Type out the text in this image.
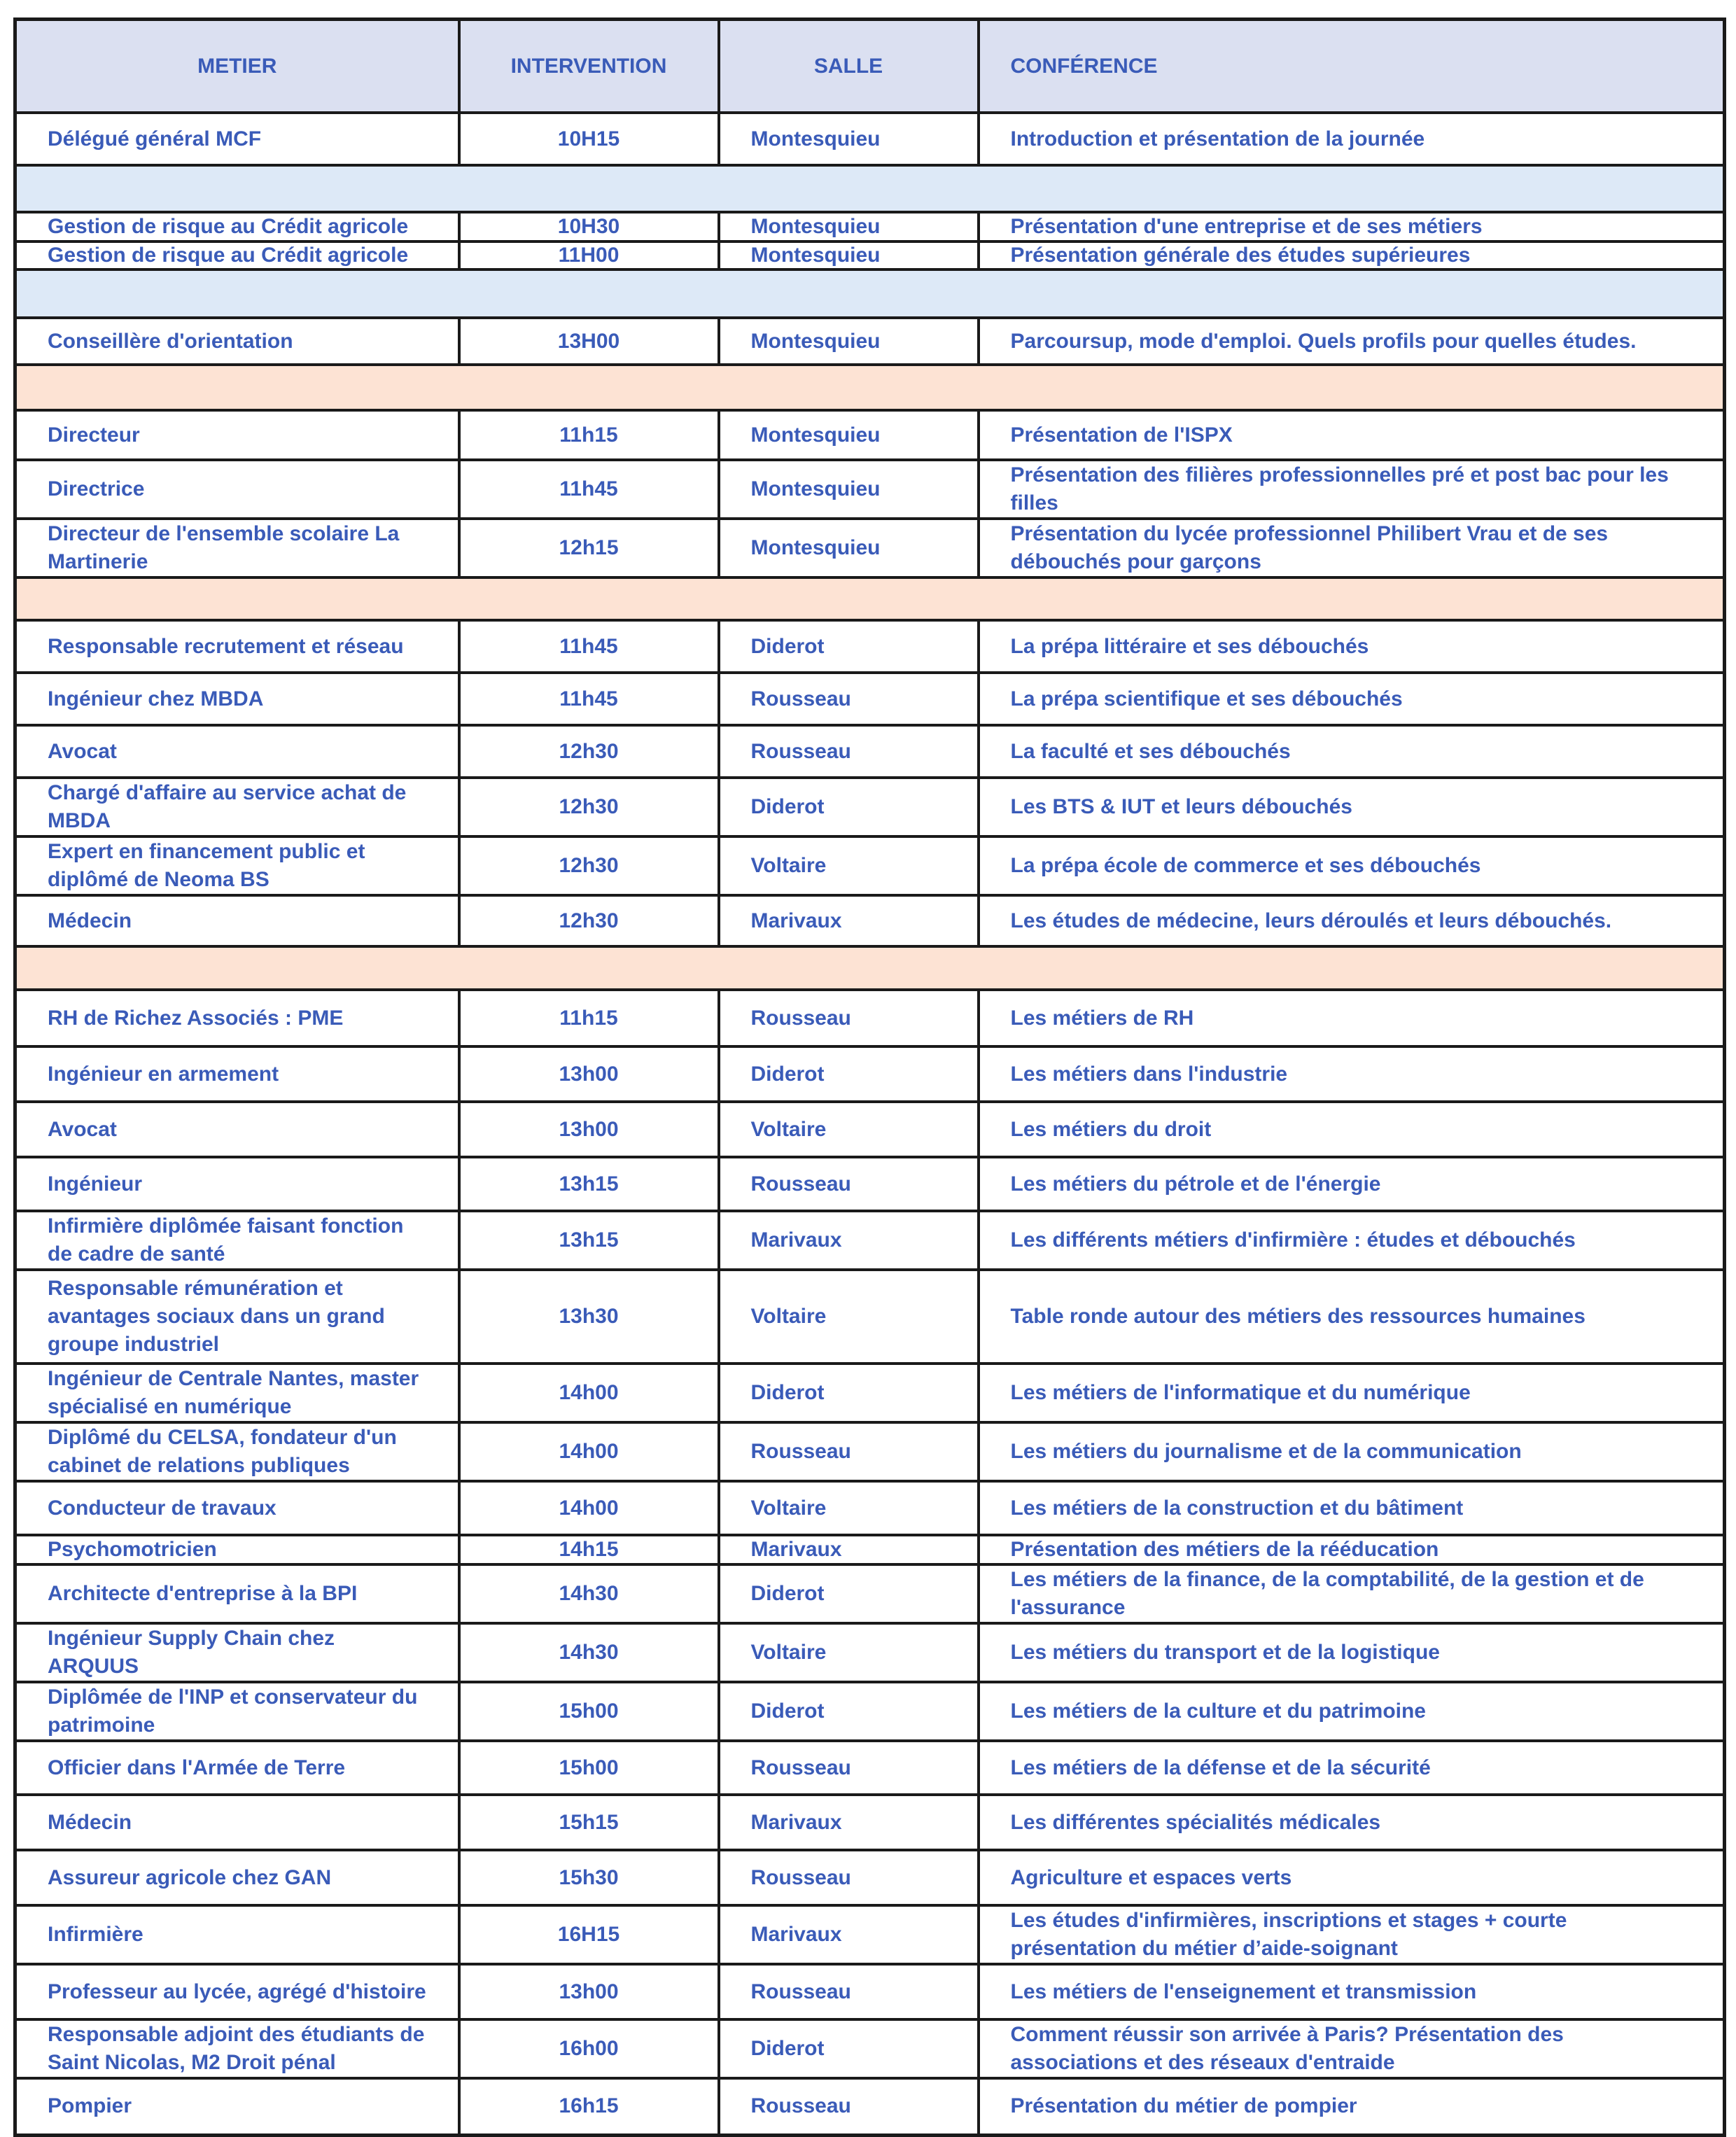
METIER	INTERVENTION	SALLE	CONFÉRENCE
Délégué général MCF	10H15	Montesquieu	Introduction et présentation de la journée

Gestion de risque au Crédit agricole	10H30	Montesquieu	Présentation d'une entreprise et de ses métiers
Gestion de risque au Crédit agricole	11H00	Montesquieu	Présentation générale des études supérieures

Conseillère d'orientation	13H00	Montesquieu	Parcoursup, mode d'emploi. Quels profils pour quelles études.

Directeur	11h15	Montesquieu	Présentation de l'ISPX
Directrice	11h45	Montesquieu	Présentation des filières professionnelles pré et post bac pour les filles
Directeur de l'ensemble scolaire La Martinerie	12h15	Montesquieu	Présentation du lycée professionnel Philibert Vrau et de ses débouchés pour garçons

Responsable recrutement et réseau	11h45	Diderot	La prépa littéraire et ses débouchés
Ingénieur chez MBDA	11h45	Rousseau	La prépa scientifique et ses débouchés
Avocat	12h30	Rousseau	La faculté et ses débouchés
Chargé d'affaire au service achat de MBDA	12h30	Diderot	Les BTS & IUT et leurs débouchés
Expert en financement public et diplômé de Neoma BS	12h30	Voltaire	La prépa école de commerce et ses débouchés
Médecin	12h30	Marivaux	Les études de médecine, leurs déroulés et leurs débouchés.

RH de Richez Associés : PME	11h15	Rousseau	Les métiers de RH
Ingénieur en armement	13h00	Diderot	Les métiers dans l'industrie
Avocat	13h00	Voltaire	Les métiers du droit
Ingénieur	13h15	Rousseau	Les métiers du pétrole et de l'énergie
Infirmière diplômée faisant fonction de cadre de santé	13h15	Marivaux	Les différents métiers d'infirmière : études et débouchés
Responsable rémunération et avantages sociaux dans un grand groupe industriel	13h30	Voltaire	Table ronde autour des métiers des ressources humaines
Ingénieur de Centrale Nantes, master spécialisé en numérique	14h00	Diderot	Les métiers de l'informatique et du numérique
Diplômé du CELSA, fondateur d'un cabinet de relations publiques	14h00	Rousseau	Les métiers du journalisme et de la communication
Conducteur de travaux	14h00	Voltaire	Les métiers de la construction et du bâtiment
Psychomotricien	14h15	Marivaux	Présentation des métiers de la rééducation
Architecte d'entreprise à la BPI	14h30	Diderot	Les métiers de la finance, de la comptabilité, de la gestion et de l'assurance
Ingénieur Supply Chain chez ARQUUS	14h30	Voltaire	Les métiers du transport et de la logistique
Diplômée de l'INP et conservateur du patrimoine	15h00	Diderot	Les métiers de la culture et du patrimoine
Officier dans l'Armée de Terre	15h00	Rousseau	Les métiers de la défense et de la sécurité
Médecin	15h15	Marivaux	Les différentes spécialités médicales
Assureur agricole chez GAN	15h30	Rousseau	Agriculture et espaces verts
Infirmière	16H15	Marivaux	Les études d'infirmières, inscriptions et stages + courte présentation du métier d’aide-soignant
Professeur au lycée, agrégé d'histoire	13h00	Rousseau	Les métiers de l'enseignement et transmission
Responsable adjoint des étudiants de Saint Nicolas, M2 Droit pénal	16h00	Diderot	Comment réussir son arrivée à Paris? Présentation des associations et des réseaux d'entraide
Pompier	16h15	Rousseau	Présentation du métier de pompier
